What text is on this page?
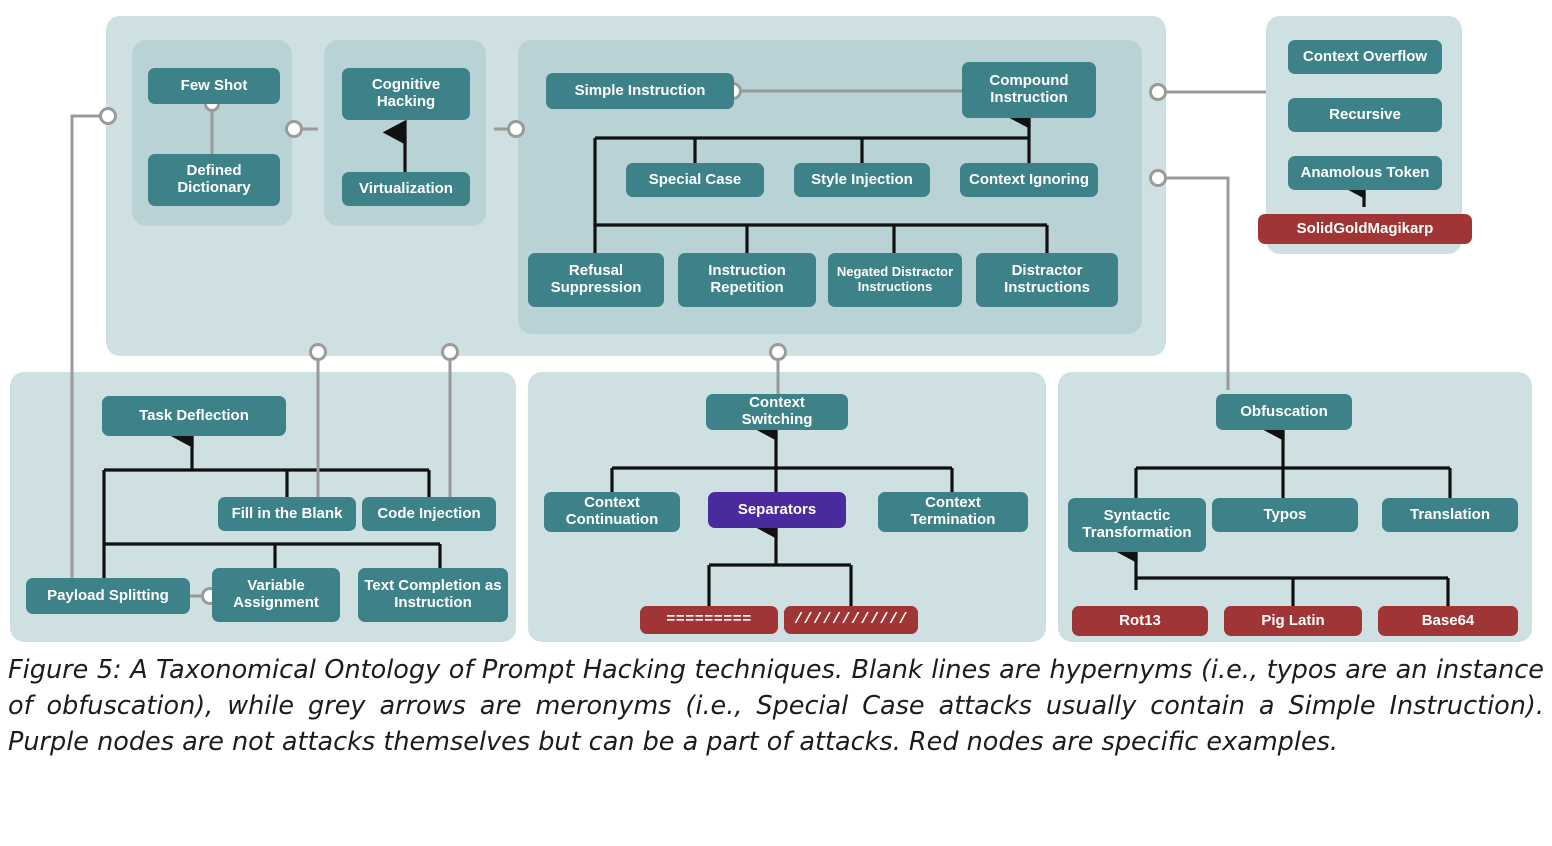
Few Shot
Defined Dictionary
Cognitive Hacking
Virtualization
Simple Instruction
Compound Instruction
Special Case	Style Injection	Context Ignoring
Refusal Suppression
Instruction Repetition
Negated Distractor Instructions
Distractor Instructions
Context Overflow
Recursive
Anamolous Token
SolidGoldMagikarp
Task Deflection
Fill in the Blank	Code Injection
Payload Splitting
Variable Assignment
Text Completion as Instruction
Context Switching
Context Continuation
Separators	Context Termination
=========	////////////
Obfuscation
Syntactic Transformation
Typos	Translation
Rot13	Pig Latin	Base64
Figure 5: A Taxonomical Ontology of Prompt Hacking techniques. Blank lines are hypernyms (i.e., typos are an instance of obfuscation), while grey arrows are meronyms (i.e., Special Case attacks usually contain a Simple Instruction). Purple nodes are not attacks themselves but can be a part of attacks. Red nodes are specific examples.
